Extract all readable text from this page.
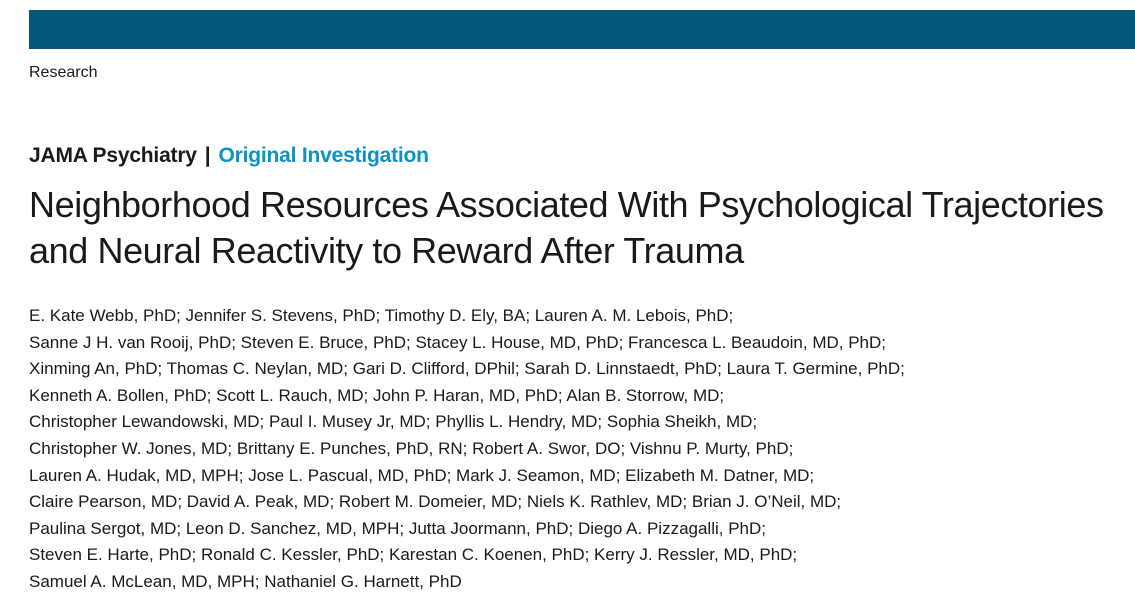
Research
JAMA Psychiatry | Original Investigation
Neighborhood Resources Associated With Psychological Trajectories and Neural Reactivity to Reward After Trauma
E. Kate Webb, PhD; Jennifer S. Stevens, PhD; Timothy D. Ely, BA; Lauren A. M. Lebois, PhD;
Sanne J H. van Rooij, PhD; Steven E. Bruce, PhD; Stacey L. House, MD, PhD; Francesca L. Beaudoin, MD, PhD;
Xinming An, PhD; Thomas C. Neylan, MD; Gari D. Clifford, DPhil; Sarah D. Linnstaedt, PhD; Laura T. Germine, PhD;
Kenneth A. Bollen, PhD; Scott L. Rauch, MD; John P. Haran, MD, PhD; Alan B. Storrow, MD;
Christopher Lewandowski, MD; Paul I. Musey Jr, MD; Phyllis L. Hendry, MD; Sophia Sheikh, MD;
Christopher W. Jones, MD; Brittany E. Punches, PhD, RN; Robert A. Swor, DO; Vishnu P. Murty, PhD;
Lauren A. Hudak, MD, MPH; Jose L. Pascual, MD, PhD; Mark J. Seamon, MD; Elizabeth M. Datner, MD;
Claire Pearson, MD; David A. Peak, MD; Robert M. Domeier, MD; Niels K. Rathlev, MD; Brian J. O’Neil, MD;
Paulina Sergot, MD; Leon D. Sanchez, MD, MPH; Jutta Joormann, PhD; Diego A. Pizzagalli, PhD;
Steven E. Harte, PhD; Ronald C. Kessler, PhD; Karestan C. Koenen, PhD; Kerry J. Ressler, MD, PhD;
Samuel A. McLean, MD, MPH; Nathaniel G. Harnett, PhD
